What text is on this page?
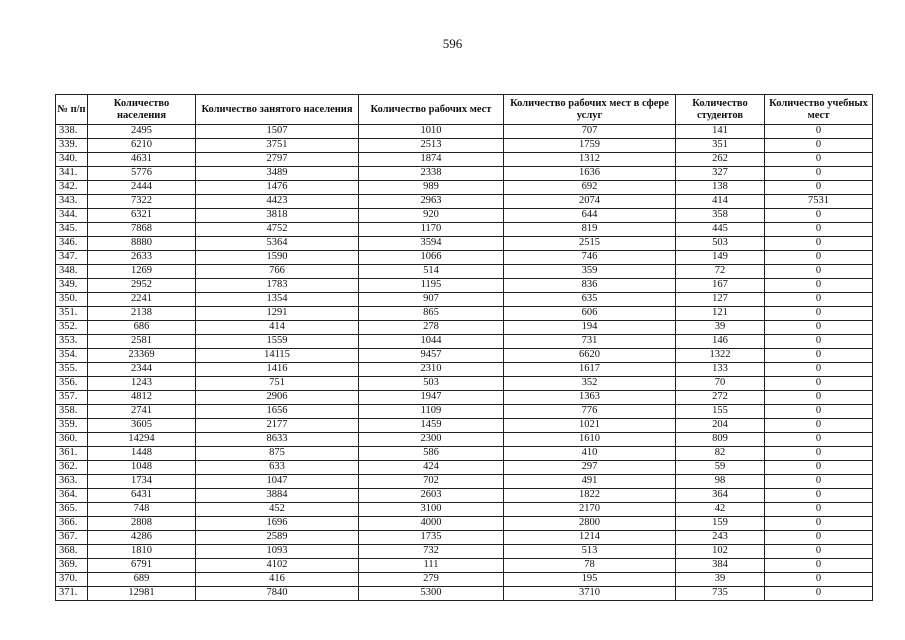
596
№ п/п	Количество населения	Количество занятого населения	Количество рабочих мест	Количество рабочих мест в сфере услуг	Количество студентов	Количество учебных мест
338.	2495	1507	1010	707	141	0
339.	6210	3751	2513	1759	351	0
340.	4631	2797	1874	1312	262	0
341.	5776	3489	2338	1636	327	0
342.	2444	1476	989	692	138	0
343.	7322	4423	2963	2074	414	7531
344.	6321	3818	920	644	358	0
345.	7868	4752	1170	819	445	0
346.	8880	5364	3594	2515	503	0
347.	2633	1590	1066	746	149	0
348.	1269	766	514	359	72	0
349.	2952	1783	1195	836	167	0
350.	2241	1354	907	635	127	0
351.	2138	1291	865	606	121	0
352.	686	414	278	194	39	0
353.	2581	1559	1044	731	146	0
354.	23369	14115	9457	6620	1322	0
355.	2344	1416	2310	1617	133	0
356.	1243	751	503	352	70	0
357.	4812	2906	1947	1363	272	0
358.	2741	1656	1109	776	155	0
359.	3605	2177	1459	1021	204	0
360.	14294	8633	2300	1610	809	0
361.	1448	875	586	410	82	0
362.	1048	633	424	297	59	0
363.	1734	1047	702	491	98	0
364.	6431	3884	2603	1822	364	0
365.	748	452	3100	2170	42	0
366.	2808	1696	4000	2800	159	0
367.	4286	2589	1735	1214	243	0
368.	1810	1093	732	513	102	0
369.	6791	4102	111	78	384	0
370.	689	416	279	195	39	0
371.	12981	7840	5300	3710	735	0
